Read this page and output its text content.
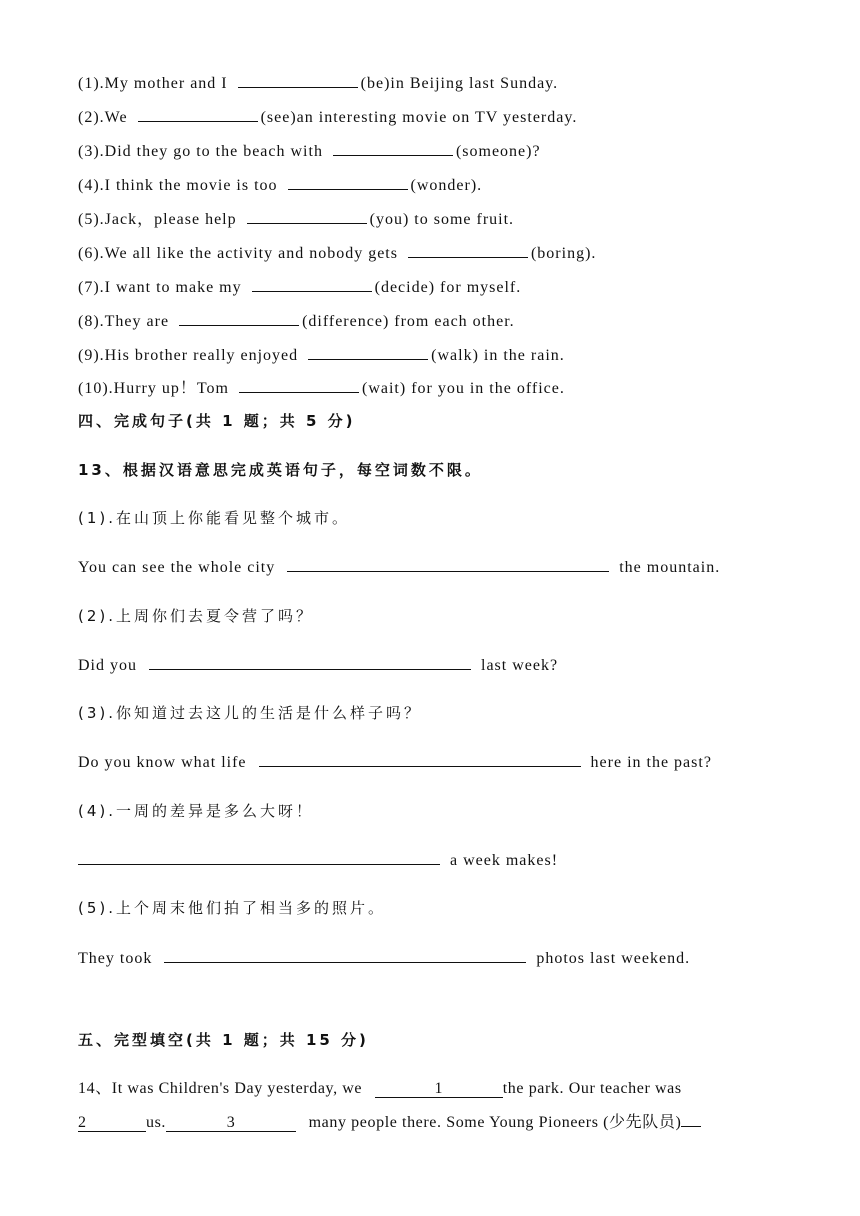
(1).My mother and I	(be)in Beijing last Sunday.
(2).We	(see)an interesting movie on TV yesterday.
(3).Did they go to the beach with	(someone)?
(4).I think the movie is too	(wonder).
(5).Jack，please help	(you) to some fruit.
(6).We all like the activity and nobody gets	(boring).
(7).I want to make my	(decide) for myself.
(8).They are	(difference) from each other.
(9).His brother really enjoyed	(walk) in the rain.
(10).Hurry up！Tom	(wait) for you in the office.
四、完成句子(共 1 题；共 5 分)
13、根据汉语意思完成英语句子，每空词数不限。
(1).在山顶上你能看见整个城市。
You can see the whole city	the mountain.
(2).上周你们去夏令营了吗？
Did you	last week?
(3).你知道过去这儿的生活是什么样子吗？
Do you know what life	here in the past?
(4).一周的差异是多么大呀！
a week makes!
(5).上个周末他们拍了相当多的照片。
They took	photos last weekend.
五、完型填空(共 1 题；共 15 分)
14、It was Children's Day yesterday, we	1	the park. Our teacher was
2	us.	3	many people there. Some Young Pioneers (少先队员)
